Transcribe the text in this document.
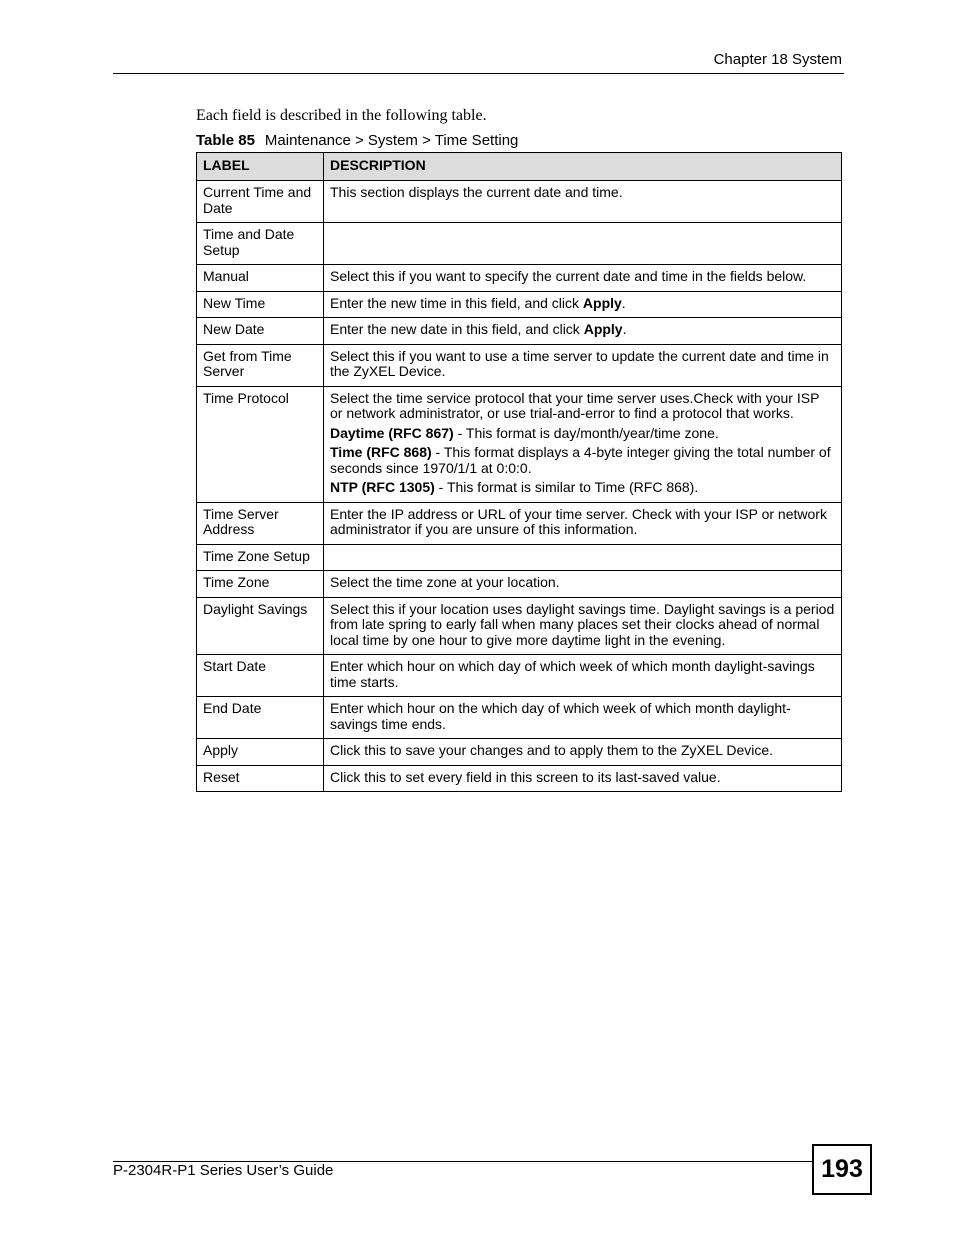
Chapter 18 System
Each field is described in the following table.
Table 85 Maintenance > System > Time Setting
LABEL	DESCRIPTION
Current Time and Date	This section displays the current date and time.
Time and Date Setup	
Manual	Select this if you want to specify the current date and time in the fields below.
New Time	Enter the new time in this field, and click Apply.
New Date	Enter the new date in this field, and click Apply.
Get from Time Server	Select this if you want to use a time server to update the current date and time in the ZyXEL Device.
Time Protocol	Select the time service protocol that your time server uses.Check with your ISP or network administrator, or use trial-and-error to find a protocol that works.

Daytime (RFC 867) - This format is day/month/year/time zone.

Time (RFC 868) - This format displays a 4-byte integer giving the total number of seconds since 1970/1/1 at 0:0:0.

NTP (RFC 1305) - This format is similar to Time (RFC 868).

Time Server Address	Enter the IP address or URL of your time server. Check with your ISP or network administrator if you are unsure of this information.
Time Zone Setup	
Time Zone	Select the time zone at your location.
Daylight Savings	Select this if your location uses daylight savings time. Daylight savings is a period from late spring to early fall when many places set their clocks ahead of normal local time by one hour to give more daytime light in the evening.
Start Date	Enter which hour on which day of which week of which month daylight-savings time starts.
End Date	Enter which hour on the which day of which week of which month daylight-savings time ends.
Apply	Click this to save your changes and to apply them to the ZyXEL Device.
Reset	Click this to set every field in this screen to its last-saved value.
P-2304R-P1 Series User’s Guide	193
